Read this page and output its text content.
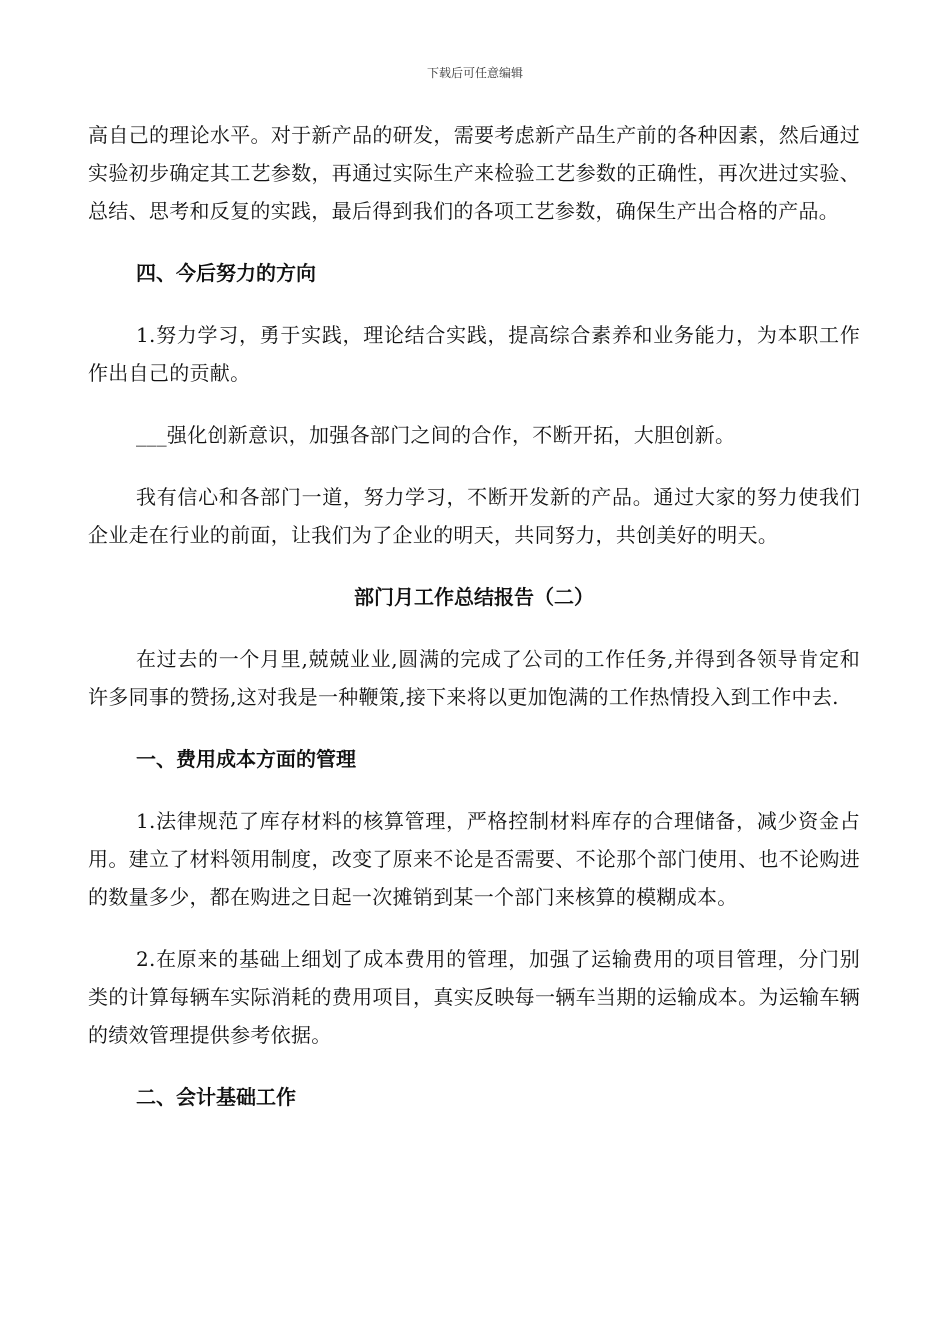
下载后可任意编辑

高自己的理论水平。对于新产品的研发，需要考虑新产品生产前的各种因素，然后通过实验初步确定其工艺参数，再通过实际生产来检验工艺参数的正确性，再次进过实验、总结、思考和反复的实践，最后得到我们的各项工艺参数，确保生产出合格的产品。

四、今后努力的方向

1.努力学习，勇于实践，理论结合实践，提高综合素养和业务能力，为本职工作作出自己的贡献。

___强化创新意识，加强各部门之间的合作，不断开拓，大胆创新。

我有信心和各部门一道，努力学习，不断开发新的产品。通过大家的努力使我们企业走在行业的前面，让我们为了企业的明天，共同努力，共创美好的明天。

部门月工作总结报告（二）

在过去的一个月里,兢兢业业,圆满的完成了公司的工作任务,并得到各领导肯定和许多同事的赞扬,这对我是一种鞭策,接下来将以更加饱满的工作热情投入到工作中去.

一、费用成本方面的管理

1.法律规范了库存材料的核算管理，严格控制材料库存的合理储备，减少资金占用。建立了材料领用制度，改变了原来不论是否需要、不论那个部门使用、也不论购进的数量多少，都在购进之日起一次摊销到某一个部门来核算的模糊成本。

2.在原来的基础上细划了成本费用的管理，加强了运输费用的项目管理，分门别类的计算每辆车实际消耗的费用项目，真实反映每一辆车当期的运输成本。为运输车辆的绩效管理提供参考依据。

二、会计基础工作
